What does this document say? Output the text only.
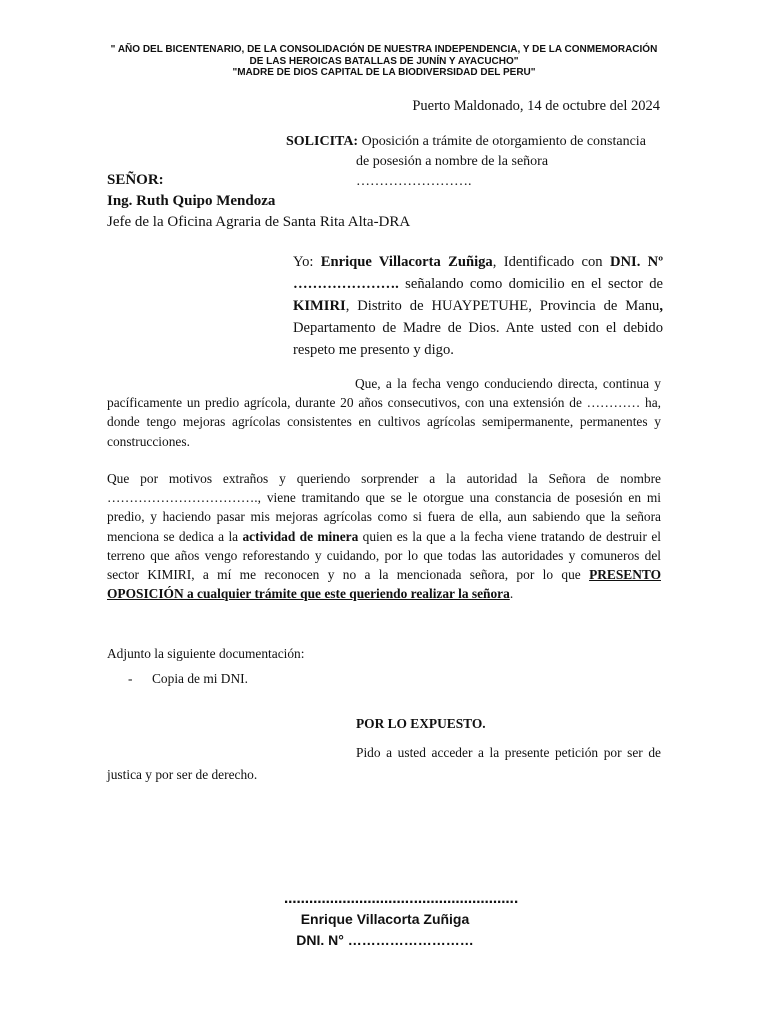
" AÑO DEL BICENTENARIO, DE LA CONSOLIDACIÓN DE NUESTRA INDEPENDENCIA, Y DE LA CONMEMORACIÓN
DE LAS HEROICAS BATALLAS DE JUNÍN Y AYACUCHO"
"MADRE DE DIOS CAPITAL DE LA BIODIVERSIDAD DEL PERU"
Puerto Maldonado, 14 de octubre del 2024
SOLICITA: Oposición a trámite de otorgamiento de constancia
de posesión a nombre de la señora …………………….
SEÑOR:
Ing. Ruth Quipo Mendoza
Jefe de la Oficina Agraria de Santa Rita Alta-DRA
Yo: Enrique Villacorta Zuñiga, Identificado con DNI. Nº …………………. señalando como domicilio en el sector de KIMIRI, Distrito de HUAYPETUHE, Provincia de Manu, Departamento de Madre de Dios. Ante usted con el debido respeto me presento y digo.
Que, a la fecha vengo conduciendo directa, continua y pacíficamente un predio agrícola, durante 20 años consecutivos, con una extensión de ………… ha, donde tengo mejoras agrícolas consistentes en cultivos agrícolas semipermanente, permanentes y construcciones.
Que por motivos extraños y queriendo sorprender a la autoridad la Señora de nombre ……………………………., viene tramitando que se le otorgue una constancia de posesión en mi predio, y haciendo pasar mis mejoras agrícolas como si fuera de ella, aun sabiendo que la señora menciona se dedica a la actividad de minera quien es la que a la fecha viene tratando de destruir el terreno que años vengo reforestando y cuidando, por lo que todas las autoridades y comuneros del sector KIMIRI, a mí me reconocen y no a la mencionada señora, por lo que PRESENTO OPOSICIÓN a cualquier trámite que este queriendo realizar la señora.
Adjunto la siguiente documentación:
- Copia de mi DNI.
POR LO EXPUESTO.
Pido a usted acceder a la presente petición por ser de justica y por ser de derecho.
………………………….…………………….
Enrique Villacorta Zuñiga
DNI. N° ………………………
